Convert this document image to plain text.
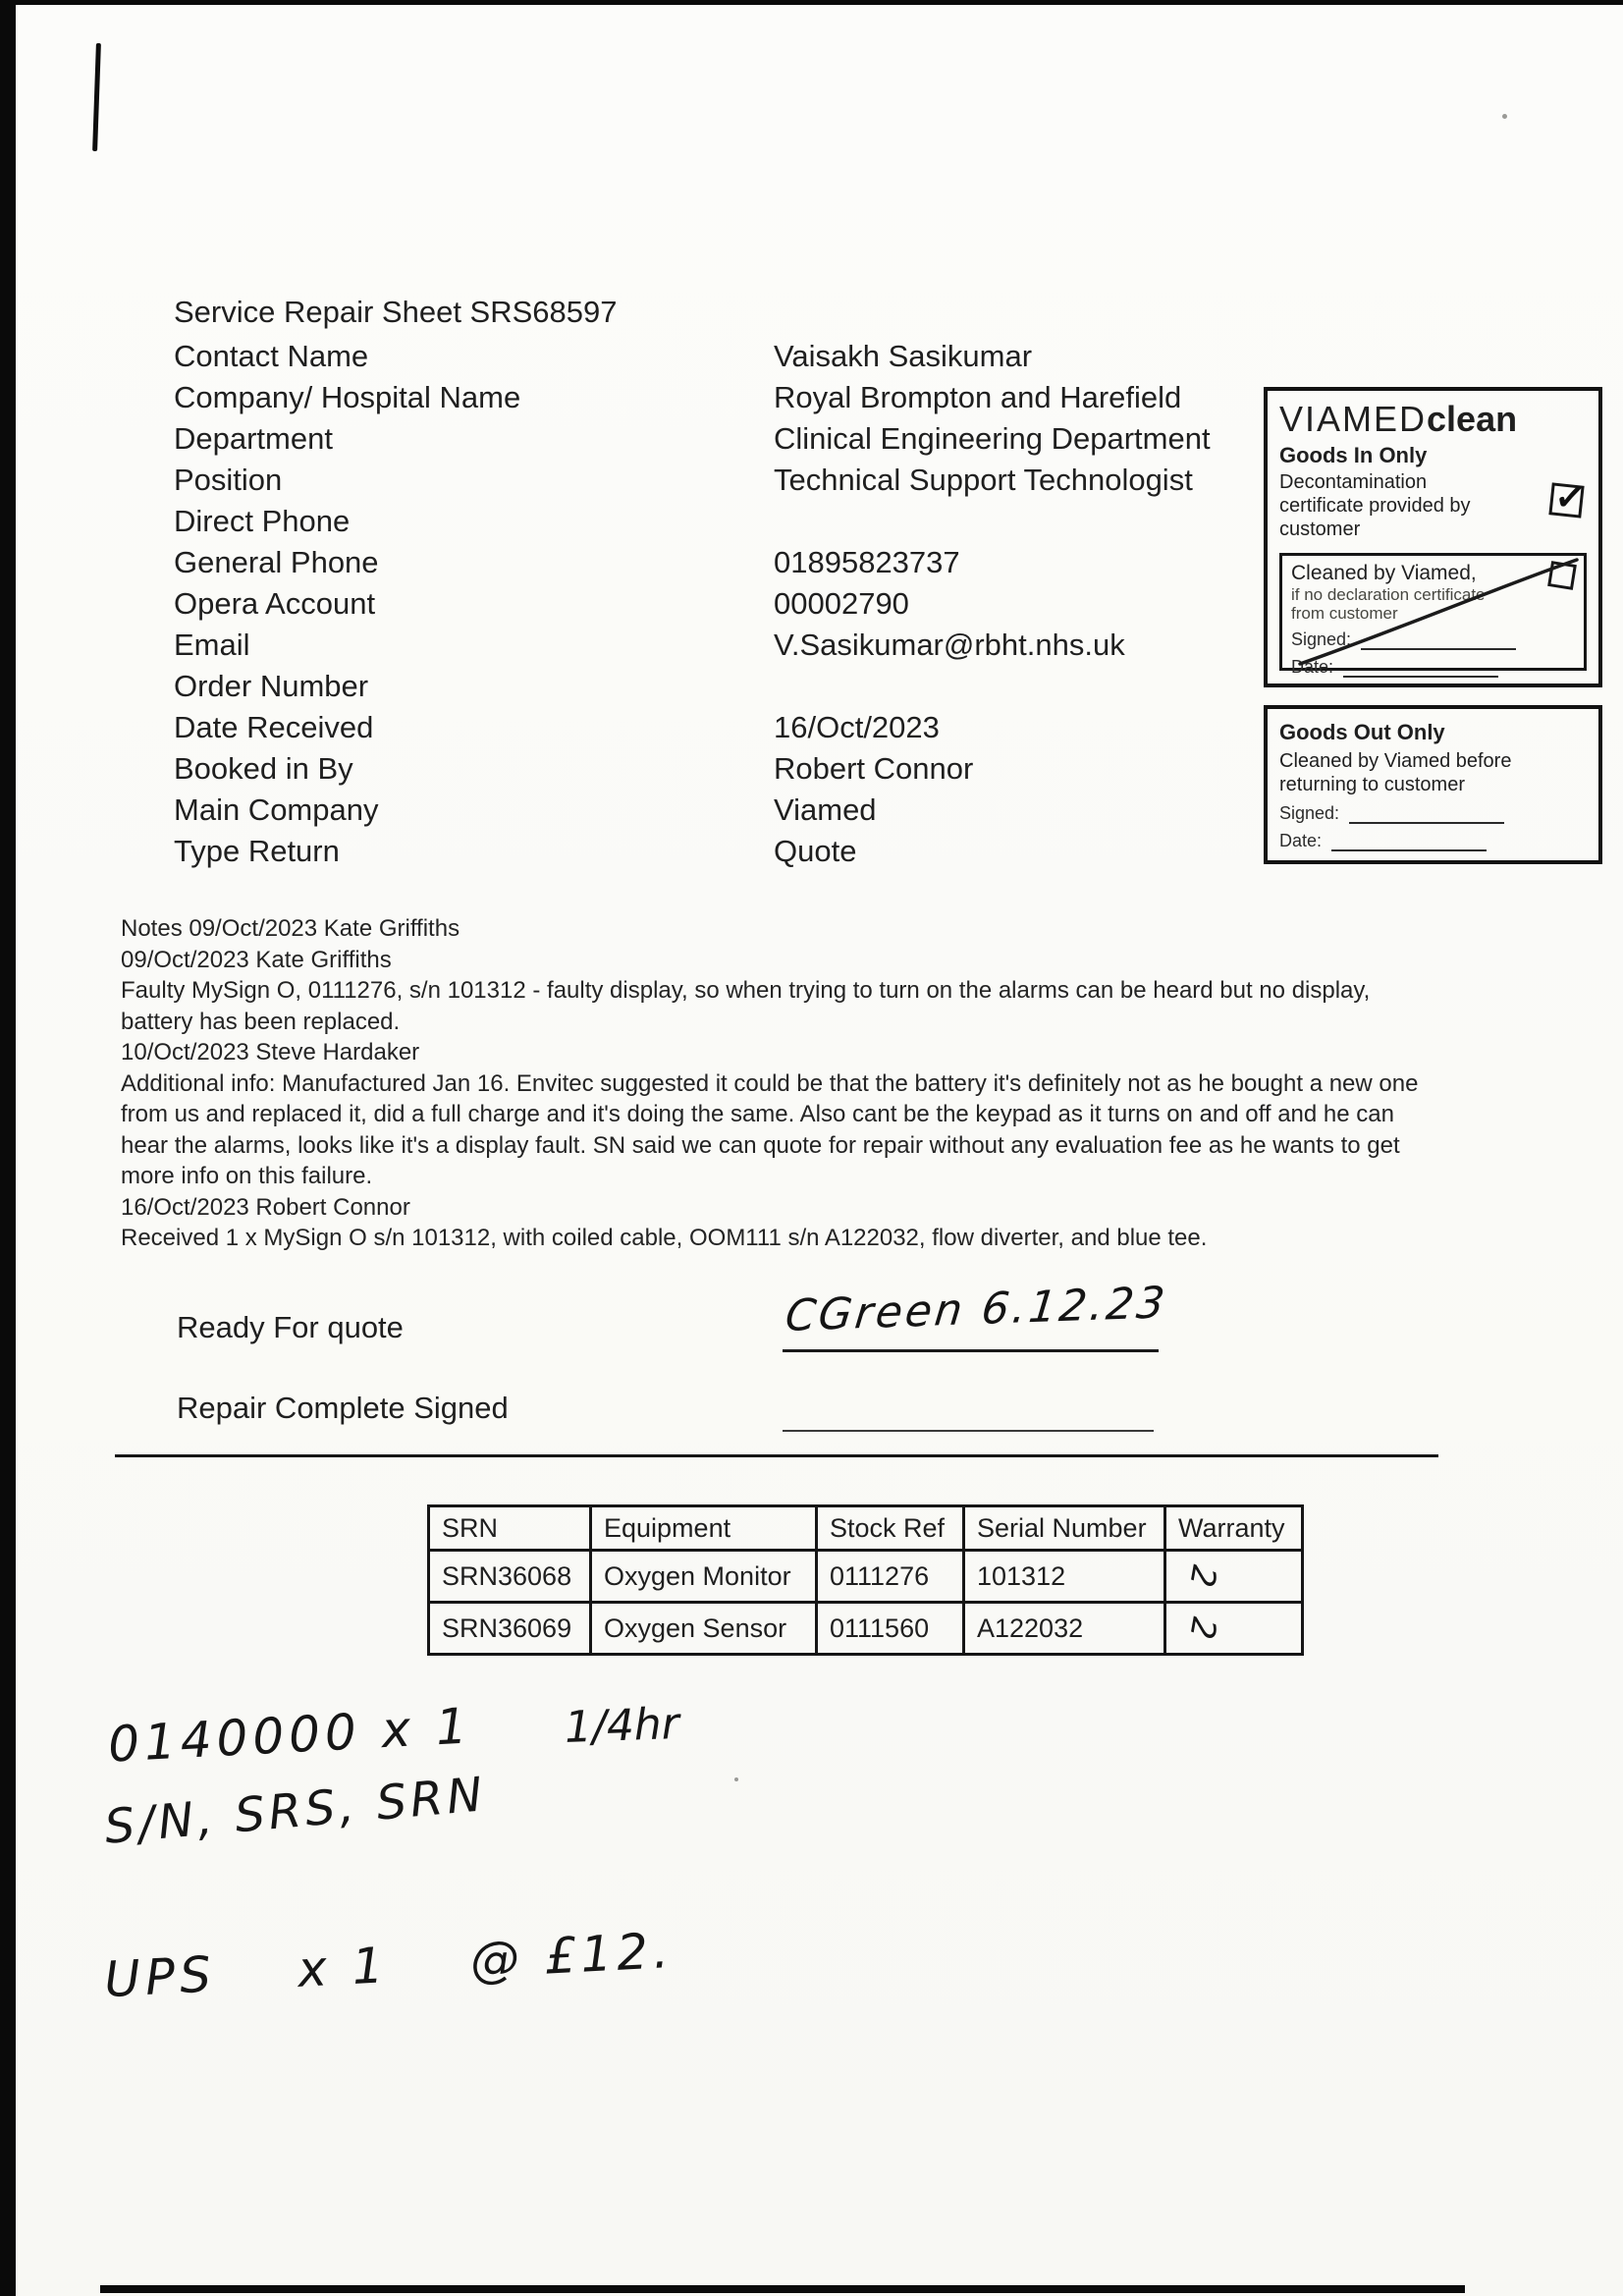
Service Repair Sheet SRS68597
Contact Name	Vaisakh Sasikumar
Company/ Hospital Name	Royal Brompton and Harefield
Department	Clinical Engineering Department
Position	Technical Support Technologist
Direct Phone
General Phone	01895823737
Opera Account	00002790
Email	V.Sasikumar@rbht.nhs.uk
Order Number
Date Received	16/Oct/2023
Booked in By	Robert Connor
Main Company	Viamed
Type Return	Quote
VIAMEDclean
Goods In Only
Decontamination certificate provided by customer
✓
Cleaned by Viamed,
if no declaration certificate from customer
Signed:
Date:
Goods Out Only
Cleaned by Viamed before returning to customer
Signed:
Date:
Notes 09/Oct/2023 Kate Griffiths
09/Oct/2023 Kate Griffiths
Faulty MySign O, 0111276, s/n 101312 - faulty display, so when trying to turn on the alarms can be heard but no display,
battery has been replaced.
10/Oct/2023 Steve Hardaker
Additional info: Manufactured Jan 16. Envitec suggested it could be that the battery it's definitely not as he bought a new one
from us and replaced it, did a full charge and it's doing the same. Also cant be the keypad as it turns on and off and he can
hear the alarms, looks like it's a display fault. SN said we can quote for repair without any evaluation fee as he wants to get
more info on this failure.
16/Oct/2023 Robert Connor
Received 1 x MySign O s/n 101312, with coiled cable, OOM111 s/n A122032, flow diverter, and blue tee.
Ready For quote	CGreen 6.12.23
Repair Complete Signed
SRN	Equipment	Stock Ref	Serial Number	Warranty
SRN36068	Oxygen Monitor	0111276	101312	2
SRN36069	Oxygen Sensor	0111560	A122032	2
0140000 x 1 1/4hr
S/N, SRS, SRN
UPS    x 1    @ £12.
